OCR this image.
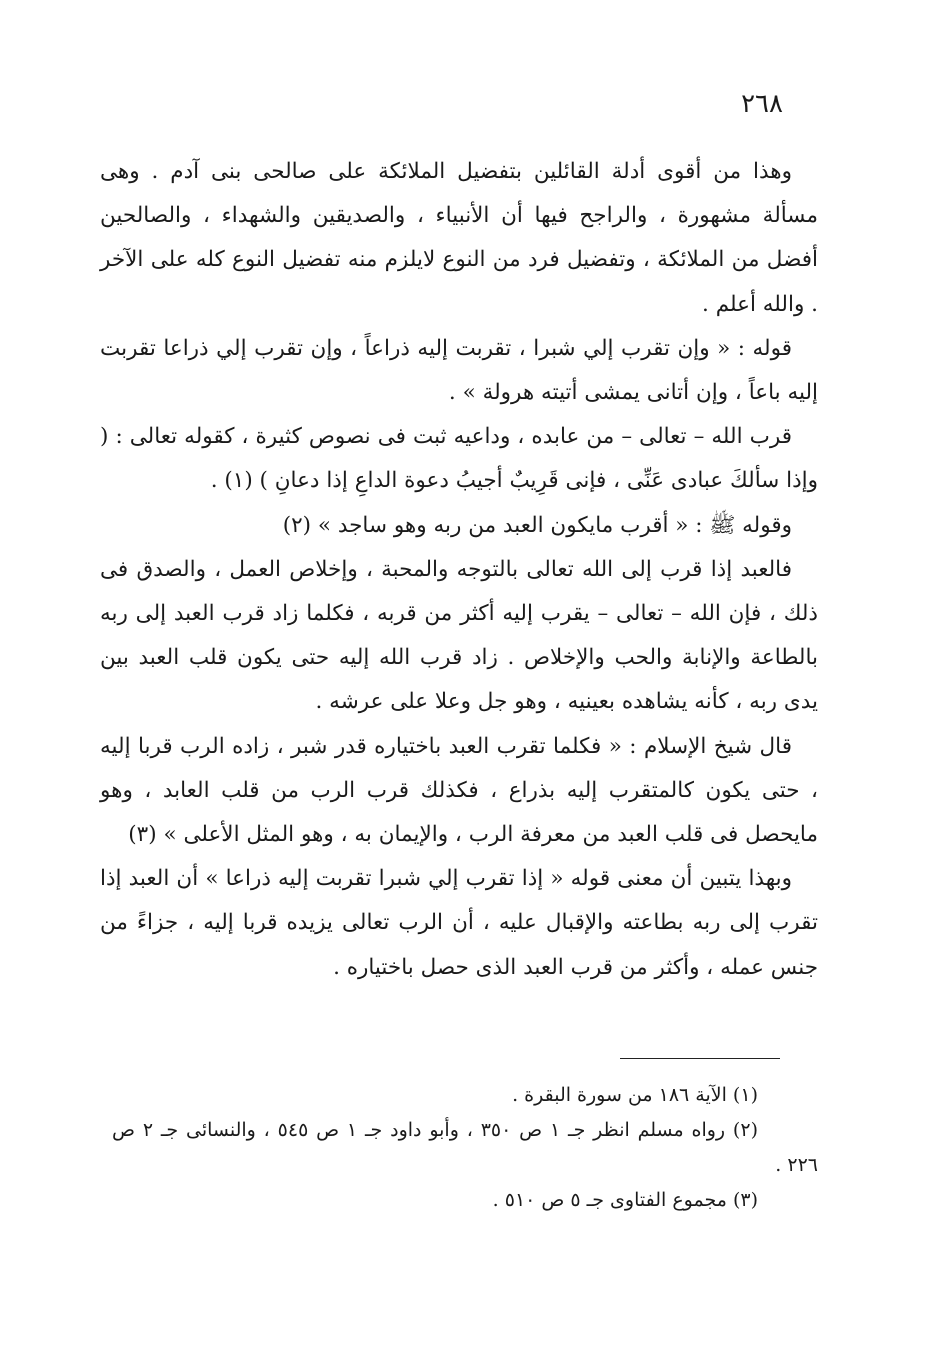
٢٦٨

وهذا من أقوى أدلة القائلين بتفضيل الملائكة على صالحى بنى آدم . وهى مسألة مشهورة ، والراجح فيها أن الأنبياء ، والصديقين والشهداء ، والصالحين أفضل من الملائكة ، وتفضيل فرد من النوع لايلزم منه تفضيل النوع كله على الآخر . والله أعلم .

قوله : « وإن تقرب إلي شبرا ، تقربت إليه ذراعاً ، وإن تقرب إلي ذراعا تقربت إليه باعاً ، وإن أتانى يمشى أتيته هرولة » .

قرب الله – تعالى – من عابده ، وداعيه ثبت فى نصوص كثيرة ، كقوله تعالى : ( وإذا سألكَ عبادى عَنِّى ، فإنى قَرِيبٌ أجيبُ دعوة الداعِ إذا دعانِ ) (١) .

وقوله ﷺ : « أقرب مايكون العبد من ربه وهو ساجد » (٢)

فالعبد إذا قرب إلى الله تعالى بالتوجه والمحبة ، وإخلاص العمل ، والصدق فى ذلك ، فإن الله – تعالى – يقرب إليه أكثر من قربه ، فكلما زاد قرب العبد إلى ربه بالطاعة والإنابة والحب والإخلاص . زاد قرب الله إليه حتى يكون قلب العبد بين يدى ربه ، كأنه يشاهده بعينيه ، وهو جل وعلا على عرشه .

قال شيخ الإسلام : « فكلما تقرب العبد باختياره قدر شبر ، زاده الرب قربا إليه ، حتى يكون كالمتقرب إليه بذراع ، فكذلك قرب الرب من قلب العابد ، وهو مايحصل فى قلب العبد من معرفة الرب ، والإيمان به ، وهو المثل الأعلى » (٣)

وبهذا يتبين أن معنى قوله « إذا تقرب إلي شبرا تقربت إليه ذراعا » أن العبد إذا تقرب إلى ربه بطاعته والإقبال عليه ، أن الرب تعالى يزيده قربا إليه ، جزاءً من جنس عمله ، وأكثر من قرب العبد الذى حصل باختياره .

(١) الآية ١٨٦ من سورة البقرة .

(٢) رواه مسلم انظر جـ ١ ص ٣٥٠ ، وأبو داود جـ ١ ص ٥٤٥ ، والنسائى جـ ٢ ص ٢٢٦ .

(٣) مجموع الفتاوى جـ ٥ ص ٥١٠ .
